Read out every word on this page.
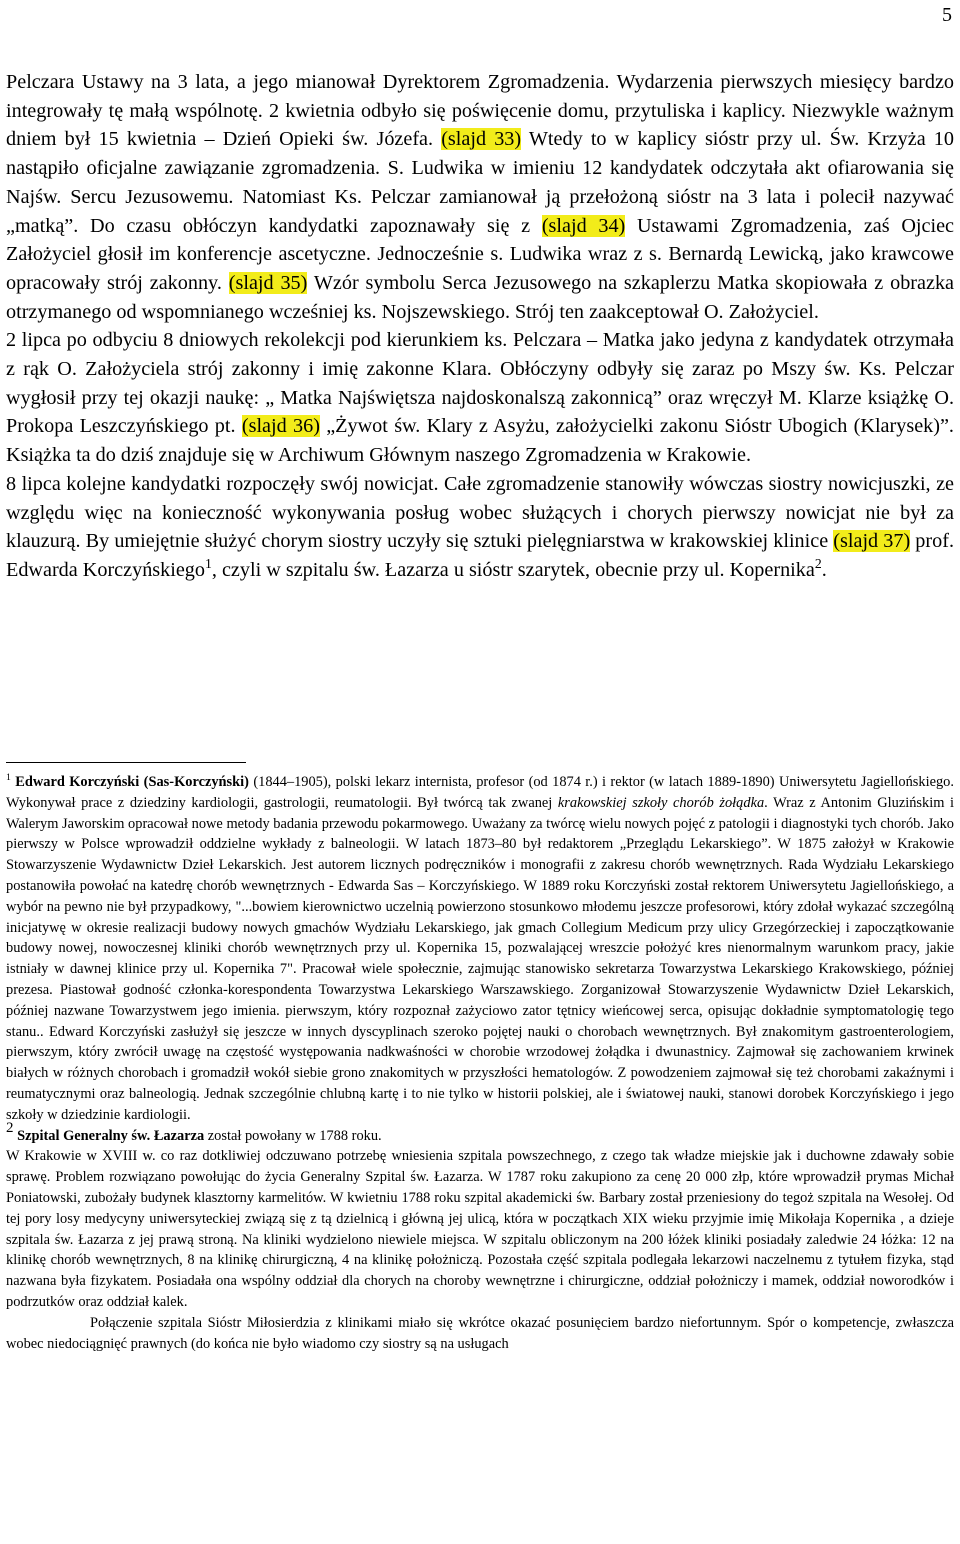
5

Pelczara Ustawy na 3 lata, a jego mianował Dyrektorem Zgromadzenia. Wydarzenia pierwszych miesięcy bardzo integrowały tę małą wspólnotę. 2 kwietnia odbyło się poświęcenie domu, przytuliska i kaplicy. Niezwykle ważnym dniem był 15 kwietnia – Dzień Opieki św. Józefa. (slajd 33) Wtedy to w kaplicy sióstr przy ul. Św. Krzyża 10 nastąpiło oficjalne zawiązanie zgromadzenia. S. Ludwika w imieniu 12 kandydatek odczytała akt ofiarowania się Najśw. Sercu Jezusowemu. Natomiast Ks. Pelczar zamianował ją przełożoną sióstr na 3 lata i polecił nazywać „matką”. Do czasu obłóczyn kandydatki zapoznawały się z (slajd 34) Ustawami Zgromadzenia, zaś Ojciec Założyciel głosił im konferencje ascetyczne. Jednocześnie s. Ludwika wraz z s. Bernardą Lewicką, jako krawcowe opracowały strój zakonny. (slajd 35) Wzór symbolu Serca Jezusowego na szkaplerzu Matka skopiowała z obrazka otrzymanego od wspomnianego wcześniej ks. Nojszewskiego. Strój ten zaakceptował O. Założyciel.

2 lipca po odbyciu 8 dniowych rekolekcji pod kierunkiem ks. Pelczara – Matka jako jedyna z kandydatek otrzymała z rąk O. Założyciela strój zakonny i imię zakonne Klara. Obłóczyny odbyły się zaraz po Mszy św. Ks. Pelczar wygłosił przy tej okazji naukę: „ Matka Najświętsza najdoskonalszą zakonnicą” oraz wręczył M. Klarze książkę O. Prokopa Leszczyńskiego pt. (slajd 36) „Żywot św. Klary z Asyżu, założycielki zakonu Sióstr Ubogich (Klarysek)”. Książka ta do dziś znajduje się w Archiwum Głównym naszego Zgromadzenia w Krakowie.

8 lipca kolejne kandydatki rozpoczęły swój nowicjat. Całe zgromadzenie stanowiły wówczas siostry nowicjuszki, ze względu więc na konieczność wykonywania posług wobec służących i chorych pierwszy nowicjat nie był za klauzurą. By umiejętnie służyć chorym siostry uczyły się sztuki pielęgniarstwa w krakowskiej klinice (slajd 37) prof. Edwarda Korczyńskiego$^1$, czyli w szpitalu św. Łazarza u sióstr szarytek, obecnie przy ul. Kopernika$^2$.

$^1$ Edward Korczyński (Sas-Korczyński) (1844–1905), polski lekarz internista, profesor (od 1874 r.) i rektor (w latach 1889-1890) Uniwersytetu Jagiellońskiego. Wykonywał prace z dziedziny kardiologii, gastrologii, reumatologii. Był twórcą tak zwanej krakowskiej szkoły chorób żołądka. Wraz z Antonim Gluzińskim i Walerym Jaworskim opracował nowe metody badania przewodu pokarmowego. Uważany za twórcę wielu nowych pojęć z patologii i diagnostyki tych chorób. Jako pierwszy w Polsce wprowadził oddzielne wykłady z balneologii. W latach 1873–80 był redaktorem „Przeglądu Lekarskiego”. W 1875 założył w Krakowie Stowarzyszenie Wydawnictw Dzieł Lekarskich. Jest autorem licznych podręczników i monografii z zakresu chorób wewnętrznych. Rada Wydziału Lekarskiego postanowiła powołać na katedrę chorób wewnętrznych - Edwarda Sas – Korczyńskiego. W 1889 roku Korczyński został rektorem Uniwersytetu Jagiellońskiego, a wybór na pewno nie był przypadkowy, "...bowiem kierownictwo uczelnią powierzono stosunkowo młodemu jeszcze profesorowi, który zdołał wykazać szczególną inicjatywę w okresie realizacji budowy nowych gmachów Wydziału Lekarskiego, jak gmach Collegium Medicum przy ulicy Grzegórzeckiej i zapoczątkowanie budowy nowej, nowoczesnej kliniki chorób wewnętrznych przy ul. Kopernika 15, pozwalającej wreszcie położyć kres nienormalnym warunkom pracy, jakie istniały w dawnej klinice przy ul. Kopernika 7". Pracował wiele społecznie, zajmując stanowisko sekretarza Towarzystwa Lekarskiego Krakowskiego, później prezesa. Piastował godność członka-korespondenta Towarzystwa Lekarskiego Warszawskiego. Zorganizował Stowarzyszenie Wydawnictw Dzieł Lekarskich, później nazwane Towarzystwem jego imienia. pierwszym, który rozpoznał zażyciowo zator tętnicy wieńcowej serca, opisując dokładnie symptomatologię tego stanu.. Edward Korczyński zasłużył się jeszcze w innych dyscyplinach szeroko pojętej nauki o chorobach wewnętrznych. Był znakomitym gastroenterologiem, pierwszym, który zwrócił uwagę na częstość występowania nadkwaśności w chorobie wrzodowej żołądka i dwunastnicy. Zajmował się zachowaniem krwinek białych w różnych chorobach i gromadził wokół siebie grono znakomitych w przyszłości hematologów. Z powodzeniem zajmował się też chorobami zakaźnymi i reumatycznymi oraz balneologią. Jednak szczególnie chlubną kartę i to nie tylko w historii polskiej, ale i światowej nauki, stanowi dorobek Korczyńskiego i jego szkoły w dziedzinie kardiologii.

$^2$ Szpital Generalny św. Łazarza został powołany w 1788 roku.

W Krakowie w XVIII w. co raz dotkliwiej odczuwano potrzebę wniesienia szpitala powszechnego, z czego tak władze miejskie jak i duchowne zdawały sobie sprawę. Problem rozwiązano powołując do życia Generalny Szpital św. Łazarza. W 1787 roku zakupiono za cenę 20 000 złp, które wprowadził prymas Michał Poniatowski, zubożały budynek klasztorny karmelitów. W kwietniu 1788 roku szpital akademicki św. Barbary został przeniesiony do tegoż szpitala na Wesołej. Od tej pory losy medycyny uniwersyteckiej związą się z tą dzielnicą i główną jej ulicą, która w początkach XIX wieku przyjmie imię Mikołaja Kopernika , a dzieje szpitala św. Łazarza z jej prawą stroną. Na kliniki wydzielono niewiele miejsca. W szpitalu obliczonym na 200 łóżek kliniki posiadały zaledwie 24 łóżka: 12 na klinikę chorób wewnętrznych, 8 na klinikę chirurgiczną, 4 na klinikę położniczą. Pozostała część szpitala podlegała lekarzowi naczelnemu z tytułem fizyka, stąd nazwana była fizykatem. Posiadała ona wspólny oddział dla chorych na choroby wewnętrzne i chirurgiczne, oddział położniczy i mamek, oddział noworodków i podrzutków oraz oddział kalek.

Połączenie szpitala Sióstr Miłosierdzia z klinikami miało się wkrótce okazać posunięciem bardzo niefortunnym. Spór o kompetencje, zwłaszcza wobec niedociągnięć prawnych (do końca nie było wiadomo czy siostry są na usługach
